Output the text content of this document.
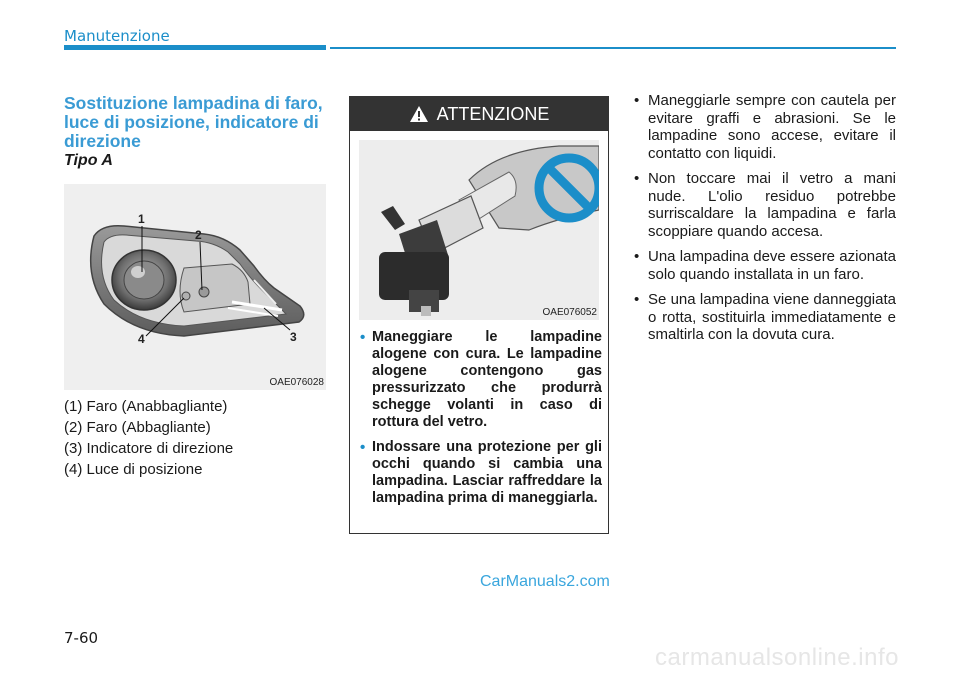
Manutenzione
Sostituzione lampadina di faro, luce di posizione, indicatore di direzione
Tipo A
1
2
3
4
OAE076028
(1) Faro (Anabbagliante)
(2) Faro (Abbagliante)
(3) Indicatore di direzione
(4) Luce di posizione
ATTENZIONE
OAE076052
• Maneggiare le lampadine alogene con cura. Le lampadine alogene contengono gas pressurizzato che produrrà schegge volanti in caso di rottura del vetro.
• Indossare una protezione per gli occhi quando si cambia una lampadina. Lasciar raffreddare la lampadina prima di maneggiarla.
• Maneggiarle sempre con cautela per evitare graffi e abrasioni. Se le lampadine sono accese, evitare il contatto con liquidi.
• Non toccare mai il vetro a mani nude. L'olio residuo potrebbe surriscaldare la lampadina e farla scoppiare quando accesa.
• Una lampadina deve essere azionata solo quando installata in un faro.
• Se una lampadina viene danneggiata o rotta, sostituirla immediatamente e smaltirla con la dovuta cura.
CarManuals2.com
7-60
carmanualsonline.info
